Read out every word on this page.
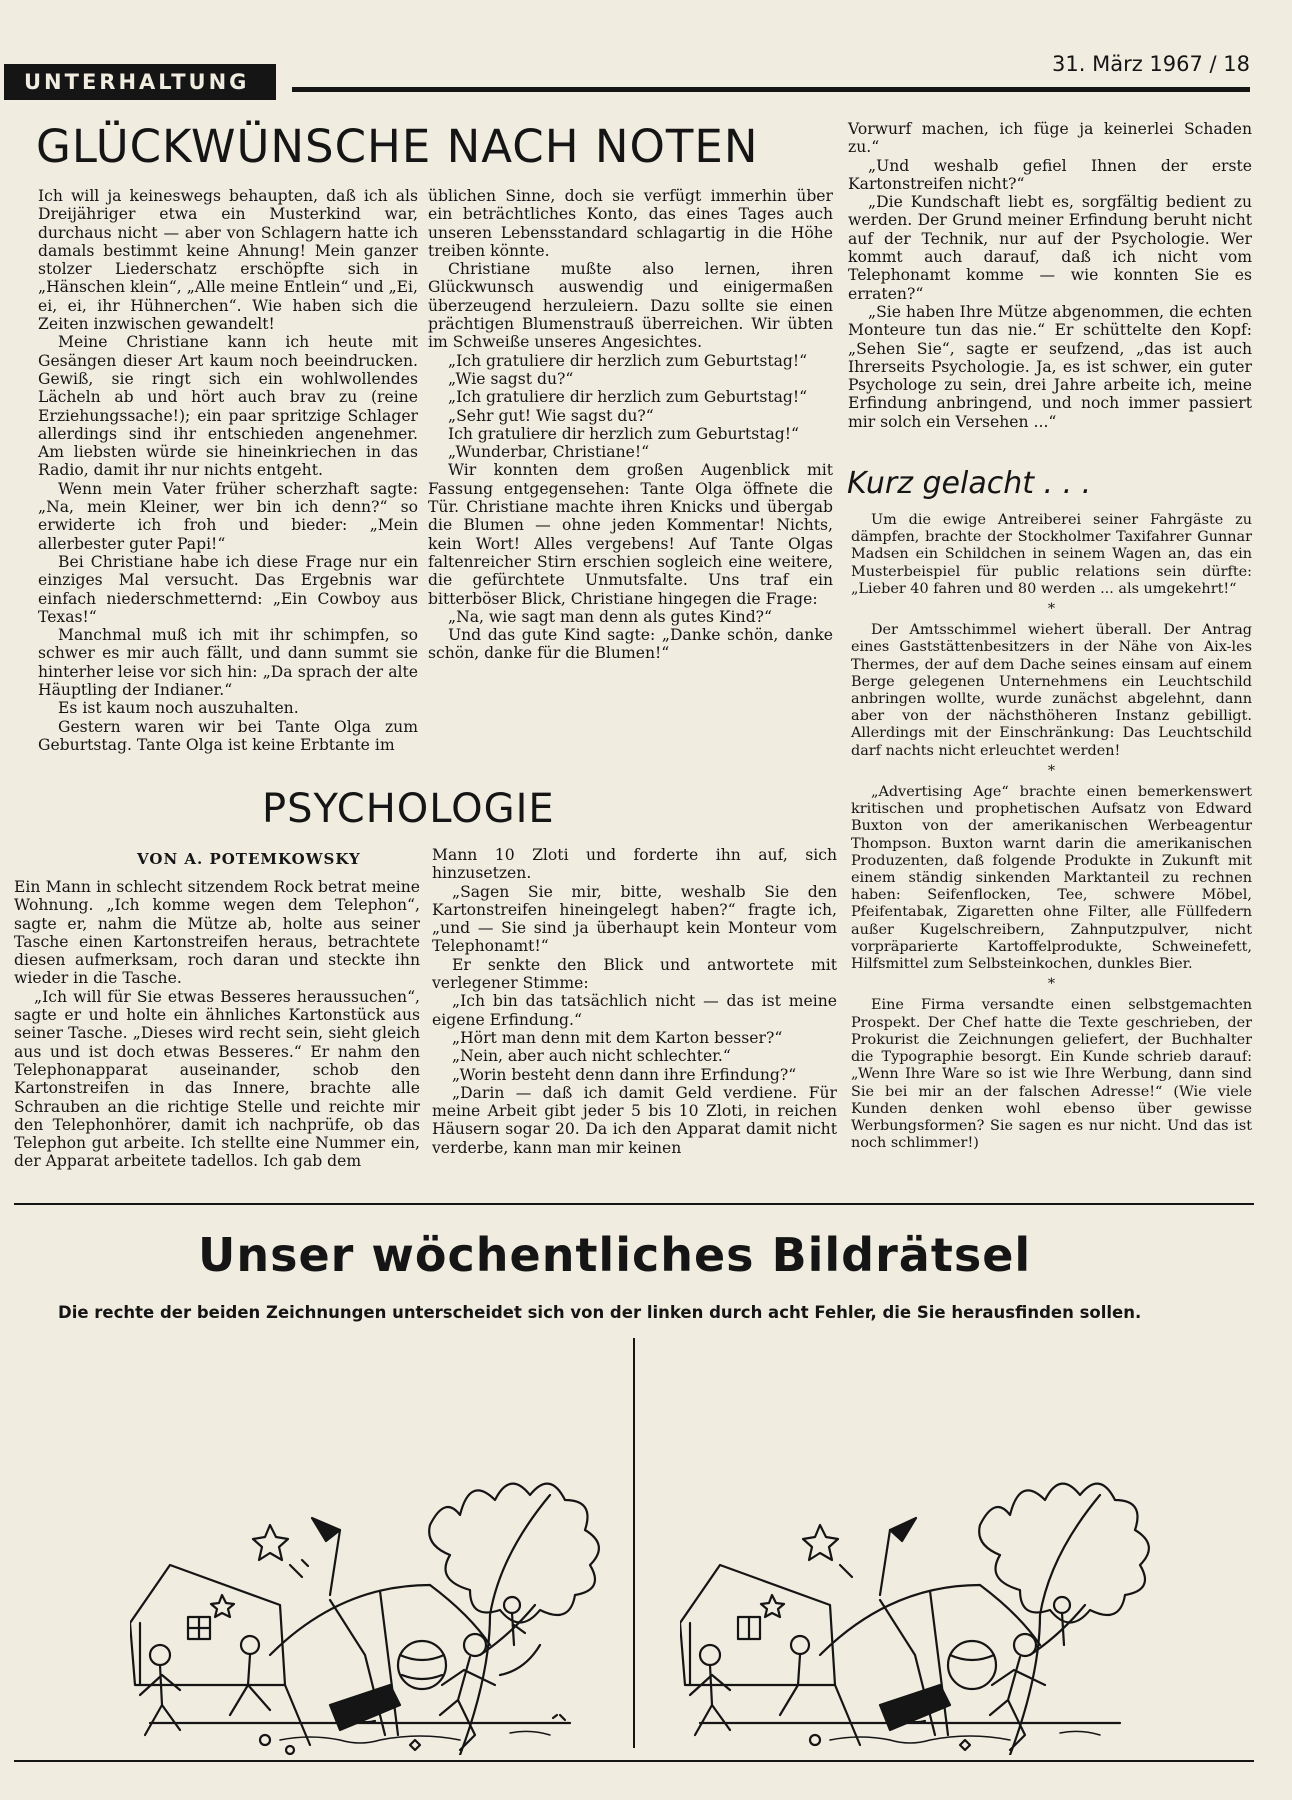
UNTERHALTUNG
31. März 1967 / 18
GLÜCKWÜNSCHE NACH NOTEN

Ich will ja keineswegs behaupten, daß ich als Dreijähriger etwa ein Musterkind war, durchaus nicht — aber von Schlagern hatte ich damals bestimmt keine Ahnung! Mein ganzer stolzer Liederschatz erschöpfte sich in „Hänschen klein“, „Alle meine Entlein“ und „Ei, ei, ei, ihr Hühnerchen“. Wie haben sich die Zeiten inzwischen gewandelt!

Meine Christiane kann ich heute mit Gesängen dieser Art kaum noch beeindrucken. Gewiß, sie ringt sich ein wohlwollendes Lächeln ab und hört auch brav zu (reine Erziehungssache!); ein paar spritzige Schlager allerdings sind ihr entschieden angenehmer. Am liebsten würde sie hineinkriechen in das Radio, damit ihr nur nichts entgeht.

Wenn mein Vater früher scherzhaft sagte: „Na, mein Kleiner, wer bin ich denn?“ so erwiderte ich froh und bieder: „Mein allerbester guter Papi!“

Bei Christiane habe ich diese Frage nur ein einziges Mal versucht. Das Ergebnis war einfach niederschmetternd: „Ein Cowboy aus Texas!“

Manchmal muß ich mit ihr schimpfen, so schwer es mir auch fällt, und dann summt sie hinterher leise vor sich hin: „Da sprach der alte Häuptling der Indianer.“

Es ist kaum noch auszuhalten.

Gestern waren wir bei Tante Olga zum Geburtstag. Tante Olga ist keine Erbtante im

üblichen Sinne, doch sie verfügt immerhin über ein beträchtliches Konto, das eines Tages auch unseren Lebensstandard schlagartig in die Höhe treiben könnte.

Christiane mußte also lernen, ihren Glückwunsch auswendig und einigermaßen überzeugend herzuleiern. Dazu sollte sie einen prächtigen Blumenstrauß überreichen. Wir übten im Schweiße unseres Angesichtes.

„Ich gratuliere dir herzlich zum Geburtstag!“

„Wie sagst du?“

„Ich gratuliere dir herzlich zum Geburtstag!“

„Sehr gut! Wie sagst du?“

Ich gratuliere dir herzlich zum Geburtstag!“

„Wunderbar, Christiane!“

Wir konnten dem großen Augenblick mit Fassung entgegensehen: Tante Olga öffnete die Tür. Christiane machte ihren Knicks und übergab die Blumen — ohne jeden Kommentar! Nichts, kein Wort! Alles vergebens! Auf Tante Olgas faltenreicher Stirn erschien sogleich eine weitere, die gefürchtete Unmutsfalte. Uns traf ein bitterböser Blick, Christiane hingegen die Frage:

„Na, wie sagt man denn als gutes Kind?“

Und das gute Kind sagte: „Danke schön, danke schön, danke für die Blumen!“

PSYCHOLOGIE
VON A. POTEMKOWSKY

Ein Mann in schlecht sitzendem Rock betrat meine Wohnung. „Ich komme wegen dem Telephon“, sagte er, nahm die Mütze ab, holte aus seiner Tasche einen Kartonstreifen heraus, betrachtete diesen aufmerksam, roch daran und steckte ihn wieder in die Tasche.

„Ich will für Sie etwas Besseres heraussuchen“, sagte er und holte ein ähnliches Kartonstück aus seiner Tasche. „Dieses wird recht sein, sieht gleich aus und ist doch etwas Besseres.“ Er nahm den Telephonapparat auseinander, schob den Kartonstreifen in das Innere, brachte alle Schrauben an die richtige Stelle und reichte mir den Telephonhörer, damit ich nachprüfe, ob das Telephon gut arbeite. Ich stellte eine Nummer ein, der Apparat arbeitete tadellos. Ich gab dem

Mann 10 Zloti und forderte ihn auf, sich hinzusetzen.

„Sagen Sie mir, bitte, weshalb Sie den Kartonstreifen hineingelegt haben?“ fragte ich, „und — Sie sind ja überhaupt kein Monteur vom Telephonamt!“

Er senkte den Blick und antwortete mit verlegener Stimme:

„Ich bin das tatsächlich nicht — das ist meine eigene Erfindung.“

„Hört man denn mit dem Karton besser?“

„Nein, aber auch nicht schlechter.“

„Worin besteht denn dann ihre Erfindung?“

„Darin — daß ich damit Geld verdiene. Für meine Arbeit gibt jeder 5 bis 10 Zloti, in reichen Häusern sogar 20. Da ich den Apparat damit nicht verderbe, kann man mir keinen

Vorwurf machen, ich füge ja keinerlei Schaden zu.“

„Und weshalb gefiel Ihnen der erste Kartonstreifen nicht?“

„Die Kundschaft liebt es, sorgfältig bedient zu werden. Der Grund meiner Erfindung beruht nicht auf der Technik, nur auf der Psychologie. Wer kommt auch darauf, daß ich nicht vom Telephonamt komme — wie konnten Sie es erraten?“

„Sie haben Ihre Mütze abgenommen, die echten Monteure tun das nie.“ Er schüttelte den Kopf: „Sehen Sie“, sagte er seufzend, „das ist auch Ihrerseits Psychologie. Ja, es ist schwer, ein guter Psychologe zu sein, drei Jahre arbeite ich, meine Erfindung anbringend, und noch immer passiert mir solch ein Versehen ...“

Kurz gelacht . . .

Um die ewige Antreiberei seiner Fahrgäste zu dämpfen, brachte der Stockholmer Taxifahrer Gunnar Madsen ein Schildchen in seinem Wagen an, das ein Musterbeispiel für public relations sein dürfte: „Lieber 40 fahren und 80 werden ... als umgekehrt!“

*

Der Amtsschimmel wiehert überall. Der Antrag eines Gaststättenbesitzers in der Nähe von Aix-les Thermes, der auf dem Dache seines einsam auf einem Berge gelegenen Unternehmens ein Leuchtschild anbringen wollte, wurde zunächst abgelehnt, dann aber von der nächsthöheren Instanz gebilligt. Allerdings mit der Einschränkung: Das Leuchtschild darf nachts nicht erleuchtet werden!

*

„Advertising Age“ brachte einen bemerkenswert kritischen und prophetischen Aufsatz von Edward Buxton von der amerikanischen Werbeagentur Thompson. Buxton warnt darin die amerikanischen Produzenten, daß folgende Produkte in Zukunft mit einem ständig sinkenden Marktanteil zu rechnen haben: Seifenflocken, Tee, schwere Möbel, Pfeifentabak, Zigaretten ohne Filter, alle Füllfedern außer Kugelschreibern, Zahnputzpulver, nicht vorpräparierte Kartoffelprodukte, Schweinefett, Hilfsmittel zum Selbsteinkochen, dunkles Bier.

*

Eine Firma versandte einen selbstgemachten Prospekt. Der Chef hatte die Texte geschrieben, der Prokurist die Zeichnungen geliefert, der Buchhalter die Typographie besorgt. Ein Kunde schrieb darauf: „Wenn Ihre Ware so ist wie Ihre Werbung, dann sind Sie bei mir an der falschen Adresse!“ (Wie viele Kunden denken wohl ebenso über gewisse Werbungsformen? Sie sagen es nur nicht. Und das ist noch schlimmer!)

Unser wöchentliches Bildrätsel
Die rechte der beiden Zeichnungen unterscheidet sich von der linken durch acht Fehler, die Sie herausfinden sollen.
